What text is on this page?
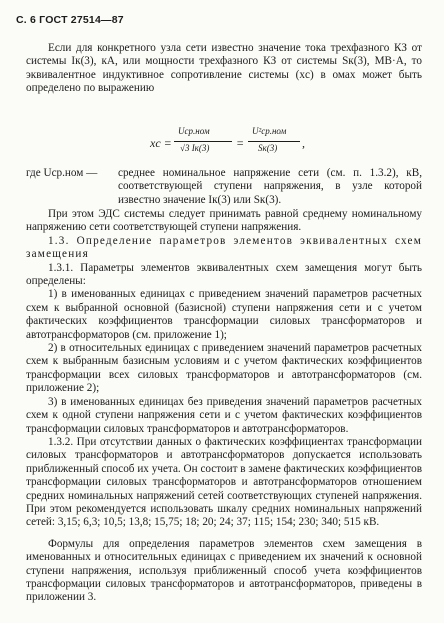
С. 6 ГОСТ 27514—87

Если для конкретного узла сети известно значение тока трехфазного КЗ от системы Iк(3), кА, или мощности трехфазного КЗ от системы Sк(3), МВ·А, то эквивалентное индуктивное сопротивление системы (xc) в омах может быть определено по выражению

xc =
Uср.ном
√3 Iк(3) =
U²ср.ном
Sк(3) ,
где Uср.ном — среднее номинальное напряжение сети (см. п. 1.3.2), кВ, соответствующей ступени напряжения, в узле которой известно значение Iк(3) или Sк(3).

При этом ЭДС системы следует принимать равной среднему номинальному напряжению сети соответствующей ступени напряжения.

1.3. Определение параметров элементов эквивалентных схем замещения

1.3.1. Параметры элементов эквивалентных схем замещения могут быть определены:

1) в именованных единицах с приведением значений параметров расчетных схем к выбранной основной (базисной) ступени напряжения сети и с учетом фактических коэффициентов трансформации силовых трансформаторов и автотрансформаторов (см. приложение 1);

2) в относительных единицах с приведением значений параметров расчетных схем к выбранным базисным условиям и с учетом фактических коэффициентов трансформации всех силовых трансформаторов и автотрансформаторов (см. приложение 2);

3) в именованных единицах без приведения значений параметров расчетных схем к одной ступени напряжения сети и с учетом фактических коэффициентов трансформации силовых трансформаторов и автотрансформаторов.

1.3.2. При отсутствии данных о фактических коэффициентах трансформации силовых трансформаторов и автотрансформаторов допускается использовать приближенный способ их учета. Он состоит в замене фактических коэффициентов трансформации силовых трансформаторов и автотрансформаторов отношением средних номинальных напряжений сетей соответствующих ступеней напряжения. При этом рекомендуется использовать шкалу средних номинальных напряжений сетей: 3,15; 6,3; 10,5; 13,8; 15,75; 18; 20; 24; 37; 115; 154; 230; 340; 515 кВ.

Формулы для определения параметров элементов схем замещения в именованных и относительных единицах с приведением их значений к основной ступени напряжения, используя приближенный способ учета коэффициентов трансформации силовых трансформаторов и автотрансформаторов, приведены в приложении 3.
